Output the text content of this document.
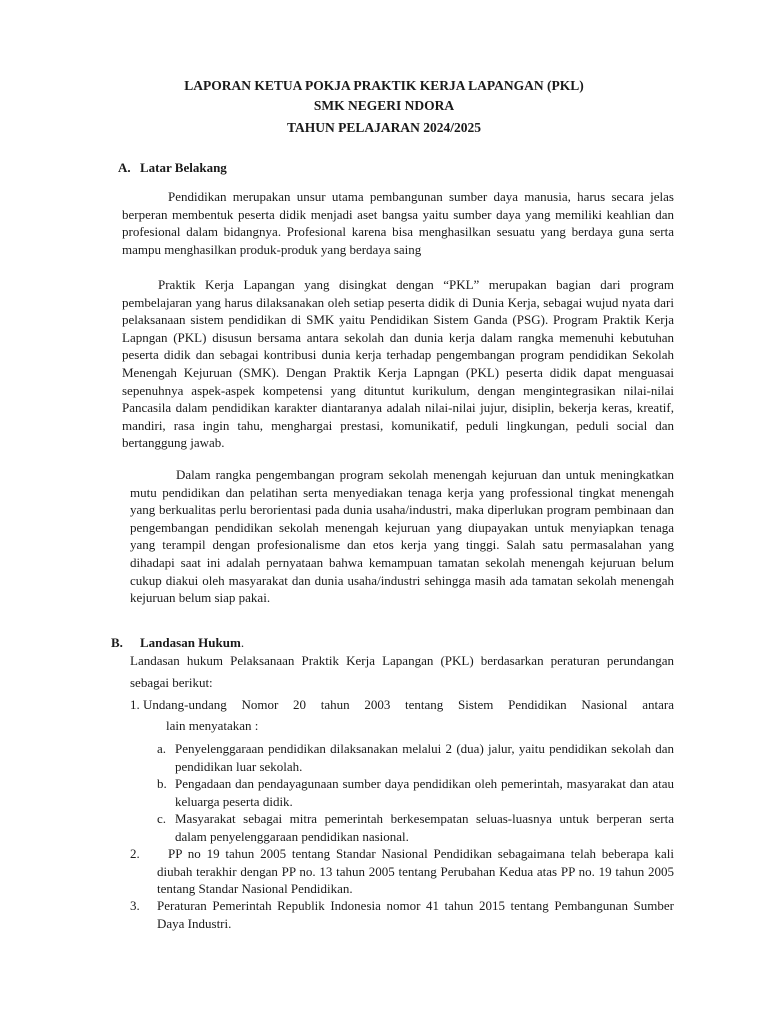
LAPORAN KETUA POKJA PRAKTIK KERJA LAPANGAN (PKL)
SMK NEGERI NDORA
TAHUN PELAJARAN 2024/2025
A. Latar Belakang

Pendidikan merupakan unsur utama pembangunan sumber daya manusia, harus secara jelas berperan membentuk peserta didik menjadi aset bangsa yaitu sumber daya yang memiliki keahlian dan profesional dalam bidangnya. Profesional karena bisa menghasilkan sesuatu yang berdaya guna serta mampu menghasilkan produk-produk yang berdaya saing

Praktik Kerja Lapangan yang disingkat dengan “PKL” merupakan bagian dari program pembelajaran yang harus dilaksanakan oleh setiap peserta didik di Dunia Kerja, sebagai wujud nyata dari pelaksanaan sistem pendidikan di SMK yaitu Pendidikan Sistem Ganda (PSG). Program Praktik Kerja Lapngan (PKL) disusun bersama antara sekolah dan dunia kerja dalam rangka memenuhi kebutuhan peserta didik dan sebagai kontribusi dunia kerja terhadap pengembangan program pendidikan Sekolah Menengah Kejuruan (SMK). Dengan Praktik Kerja Lapngan (PKL) peserta didik dapat menguasai sepenuhnya aspek-aspek kompetensi yang dituntut kurikulum, dengan mengintegrasikan nilai-nilai Pancasila dalam pendidikan karakter diantaranya adalah nilai-nilai jujur, disiplin, bekerja keras, kreatif, mandiri, rasa ingin tahu, menghargai prestasi, komunikatif, peduli lingkungan, peduli social dan bertanggung jawab.

Dalam rangka pengembangan program sekolah menengah kejuruan dan untuk meningkatkan mutu pendidikan dan pelatihan serta menyediakan tenaga kerja yang professional tingkat menengah yang berkualitas perlu berorientasi pada dunia usaha/industri, maka diperlukan program pembinaan dan pengembangan pendidikan sekolah menengah kejuruan yang diupayakan untuk menyiapkan tenaga yang terampil dengan profesionalisme dan etos kerja yang tinggi. Salah satu permasalahan yang dihadapi saat ini adalah pernyataan bahwa kemampuan tamatan sekolah menengah kejuruan belum cukup diakui oleh masyarakat dan dunia usaha/industri sehingga masih ada tamatan sekolah menengah kejuruan belum siap pakai.

B. Landasan Hukum.

Landasan hukum Pelaksanaan Praktik Kerja Lapangan (PKL) berdasarkan peraturan perundangan sebagai berikut:

1. Undang-undang Nomor 20 tahun 2003 tentang Sistem Pendidikan Nasional antara
lain menyatakan :
a. Penyelenggaraan pendidikan dilaksanakan melalui 2 (dua) jalur, yaitu pendidikan sekolah dan pendidikan luar sekolah.
b. Pengadaan dan pendayagunaan sumber daya pendidikan oleh pemerintah, masyarakat dan atau keluarga peserta didik.
c. Masyarakat sebagai mitra pemerintah berkesempatan seluas-luasnya untuk berperan serta dalam penyelenggaraan pendidikan nasional.
2.	PP no 19 tahun 2005 tentang Standar Nasional Pendidikan sebagaimana telah beberapa kali diubah terakhir dengan PP no. 13 tahun 2005 tentang Perubahan Kedua atas PP no. 19 tahun 2005 tentang Standar Nasional Pendidikan.
3.	Peraturan Pemerintah Republik Indonesia nomor 41 tahun 2015 tentang Pembangunan Sumber Daya Industri.
